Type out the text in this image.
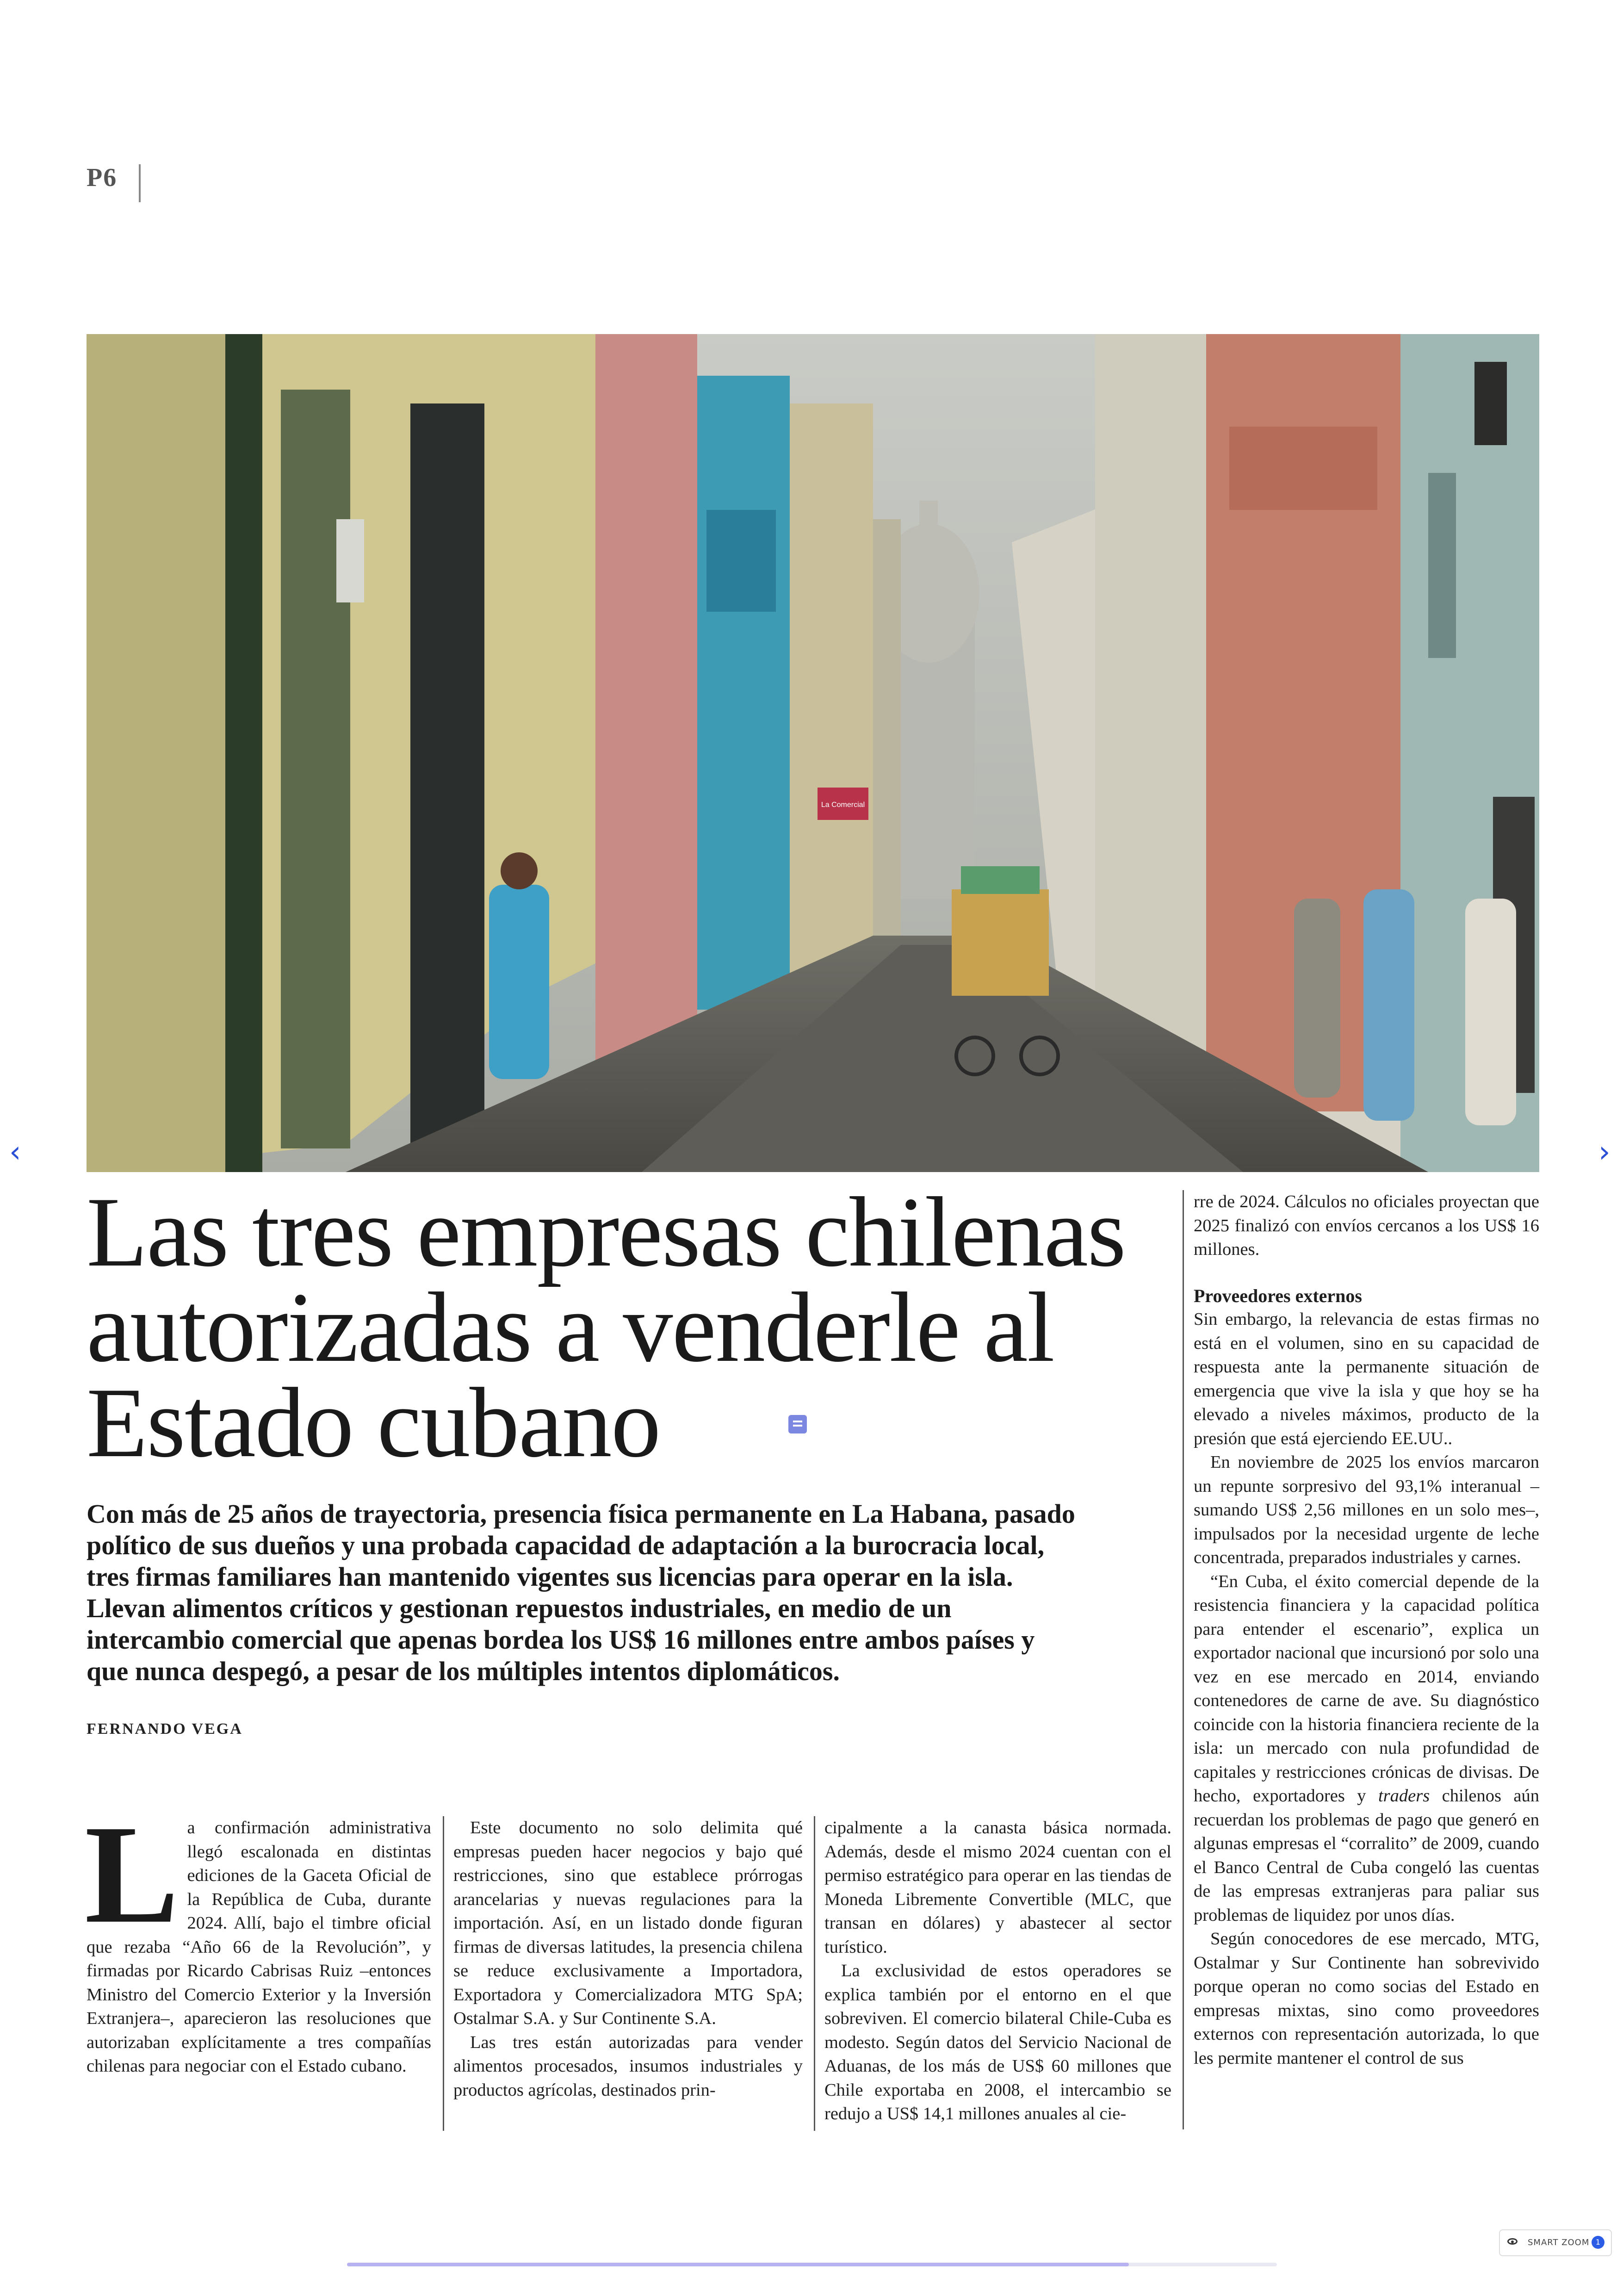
P6
La Comercial
‹	›
Las tres empresas chilenas autorizadas a venderle al Estado cubano
Con más de 25 años de trayectoria, presencia física permanente en La Habana, pasado político de sus dueños y una probada capacidad de adaptación a la burocracia local, tres firmas familiares han mantenido vigentes sus licencias para operar en la isla. Llevan alimentos críticos y gestionan repuestos industriales, en medio de un intercambio comercial que apenas bordea los US$ 16 millones entre ambos países y que nunca despegó, a pesar de los múltiples intentos diplomáticos.
FERNANDO VEGA
L a confirmación administrativa llegó escalonada en distintas ediciones de la Gaceta Oficial de la República de Cuba, durante 2024. Allí, bajo el timbre oficial que rezaba “Año 66 de la Revolución”, y firmadas por Ricardo Cabrisas Ruiz –entonces Ministro del Comercio Exterior y la Inversión Extranjera–, aparecieron las resoluciones que autorizaban explícitamente a tres compañías chilenas para negociar con el Estado cubano.

Este documento no solo delimita qué empresas pueden hacer negocios y bajo qué restricciones, sino que establece prórrogas arancelarias y nuevas regulaciones para la importación. Así, en un listado donde figuran firmas de diversas latitudes, la presencia chilena se reduce exclusivamente a Importadora, Exportadora y Comercializadora MTG SpA; Ostalmar S.A. y Sur Continente S.A.

Las tres están autorizadas para vender alimentos procesados, insumos industriales y productos agrícolas, destinados prin-

cipalmente a la canasta básica normada. Además, desde el mismo 2024 cuentan con el permiso estratégico para operar en las tiendas de Moneda Libremente Convertible (MLC, que transan en dólares) y abastecer al sector turístico.

La exclusividad de estos operadores se explica también por el entorno en el que sobreviven. El comercio bilateral Chile-Cuba es modesto. Según datos del Servicio Nacional de Aduanas, de los más de US$ 60 millones que Chile exportaba en 2008, el intercambio se redujo a US$ 14,1 millones anuales al cie-

rre de 2024. Cálculos no oficiales proyectan que 2025 finalizó con envíos cercanos a los US$ 16 millones.

Proveedores externos

Sin embargo, la relevancia de estas firmas no está en el volumen, sino en su capacidad de respuesta ante la permanente situación de emergencia que vive la isla y que hoy se ha elevado a niveles máximos, producto de la presión que está ejerciendo EE.UU..

En noviembre de 2025 los envíos marcaron un repunte sorpresivo del 93,1% interanual –sumando US$ 2,56 millones en un solo mes–, impulsados por la necesidad urgente de leche concentrada, preparados industriales y carnes.

“En Cuba, el éxito comercial depende de la resistencia financiera y la capacidad política para entender el escenario”, explica un exportador nacional que incursionó por solo una vez en ese mercado en 2014, enviando contenedores de carne de ave. Su diagnóstico coincide con la historia financiera reciente de la isla: un mercado con nula profundidad de capitales y restricciones crónicas de divisas. De hecho, exportadores y traders chilenos aún recuerdan los problemas de pago que generó en algunas empresas el “corralito” de 2009, cuando el Banco Central de Cuba congeló las cuentas de las empresas extranjeras para paliar sus problemas de liquidez por unos días.

Según conocedores de ese mercado, MTG, Ostalmar y Sur Continente han sobrevivido porque operan no como socias del Estado en empresas mixtas, sino como proveedores externos con representación autorizada, lo que les permite mantener el control de sus

SMART ZOOM 1
